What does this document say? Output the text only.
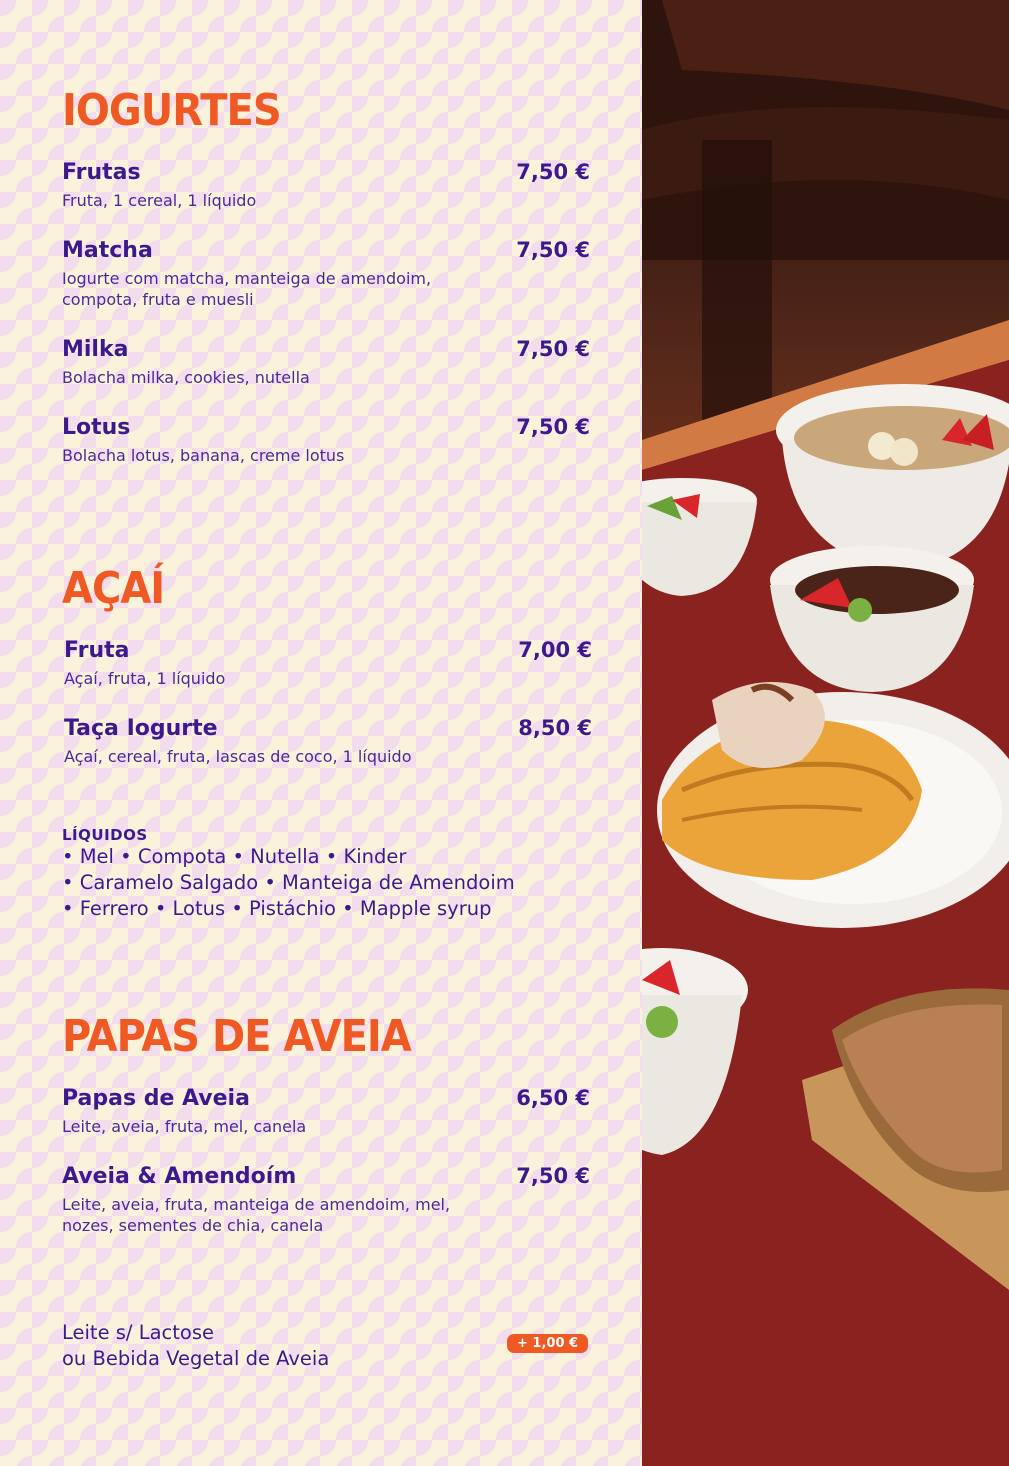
IOGURTES
Frutas	7,50 €
Fruta, 1 cereal, 1 líquido
Matcha	7,50 €
Iogurte com matcha, manteiga de amendoim, compota, fruta e muesli
Milka	7,50 €
Bolacha milka, cookies, nutella
Lotus	7,50 €
Bolacha lotus, banana, creme lotus
AÇAÍ
Fruta	7,00 €
Açaí, fruta, 1 líquido
Taça Iogurte	8,50 €
Açaí, cereal, fruta, lascas de coco, 1 líquido
LÍQUIDOS
• Mel • Compota • Nutella • Kinder
• Caramelo Salgado • Manteiga de Amendoim
• Ferrero • Lotus • Pistáchio • Mapple syrup
PAPAS DE AVEIA
Papas de Aveia	6,50 €
Leite, aveia, fruta, mel, canela
Aveia & Amendoím	7,50 €
Leite, aveia, fruta, manteiga de amendoim, mel, nozes, sementes de chia, canela
Leite s/ Lactose
ou Bebida Vegetal de Aveia
+ 1,00 €
